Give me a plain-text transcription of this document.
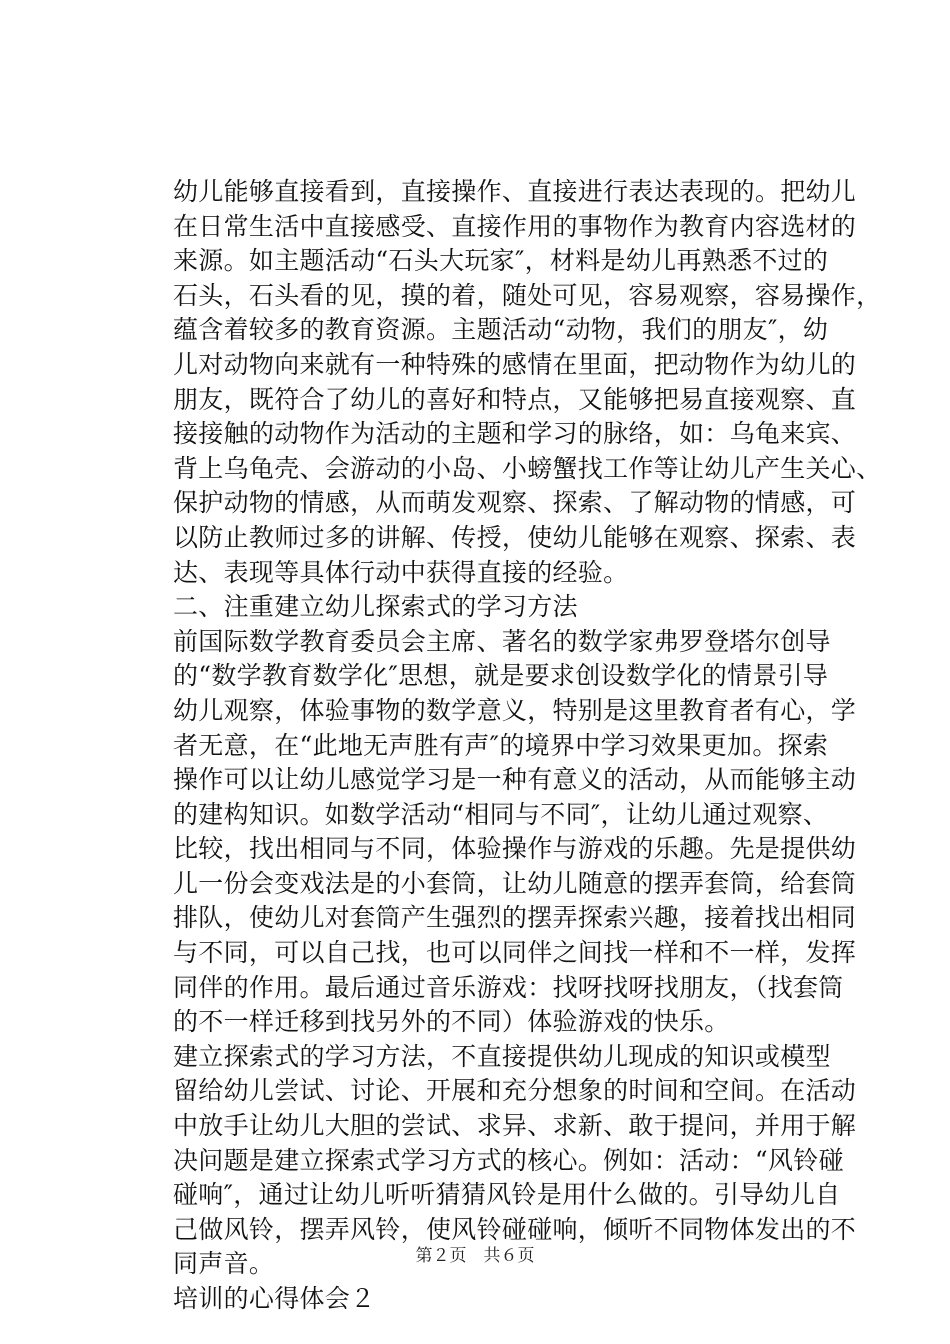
幼儿能够直接看到，直接操作、直接进行表达表现的。把幼儿

在日常生活中直接感受、直接作用的事物作为教育内容选材的

来源。如主题活动“石头大玩家″，材料是幼儿再熟悉不过的

石头，石头看的见，摸的着，随处可见，容易观察，容易操作，

蕴含着较多的教育资源。主题活动“动物，我们的朋友″，幼

儿对动物向来就有一种特殊的感情在里面，把动物作为幼儿的

朋友，既符合了幼儿的喜好和特点，又能够把易直接观察、直

接接触的动物作为活动的主题和学习的脉络，如：乌龟来宾、

背上乌龟壳、会游动的小岛、小螃蟹找工作等让幼儿产生关心、

保护动物的情感，从而萌发观察、探索、了解动物的情感，可

以防止教师过多的讲解、传授，使幼儿能够在观察、探索、表

达、表现等具体行动中获得直接的经验。

二、注重建立幼儿探索式的学习方法

前国际数学教育委员会主席、著名的数学家弗罗登塔尔创导

的“数学教育数学化″思想，就是要求创设数学化的情景引导

幼儿观察，体验事物的数学意义，特别是这里教育者有心，学

者无意，在“此地无声胜有声″的境界中学习效果更加。探索

操作可以让幼儿感觉学习是一种有意义的活动，从而能够主动

的建构知识。如数学活动“相同与不同″，让幼儿通过观察、

比较，找出相同与不同，体验操作与游戏的乐趣。先是提供幼

儿一份会变戏法是的小套筒，让幼儿随意的摆弄套筒，给套筒

排队，使幼儿对套筒产生强烈的摆弄探索兴趣，接着找出相同

与不同，可以自己找，也可以同伴之间找一样和不一样，发挥

同伴的作用。最后通过音乐游戏：找呀找呀找朋友，（找套筒

的不一样迁移到找另外的不同）体验游戏的快乐。

建立探索式的学习方法，不直接提供幼儿现成的知识或模型

留给幼儿尝试、讨论、开展和充分想象的时间和空间。在活动

中放手让幼儿大胆的尝试、求异、求新、敢于提问，并用于解

决问题是建立探索式学习方式的核心。例如：活动：“风铃碰

碰响″，通过让幼儿听听猜猜风铃是用什么做的。引导幼儿自

己做风铃，摆弄风铃，使风铃碰碰响，倾听不同物体发出的不

同声音。

培训的心得体会２

第２页　共６页
